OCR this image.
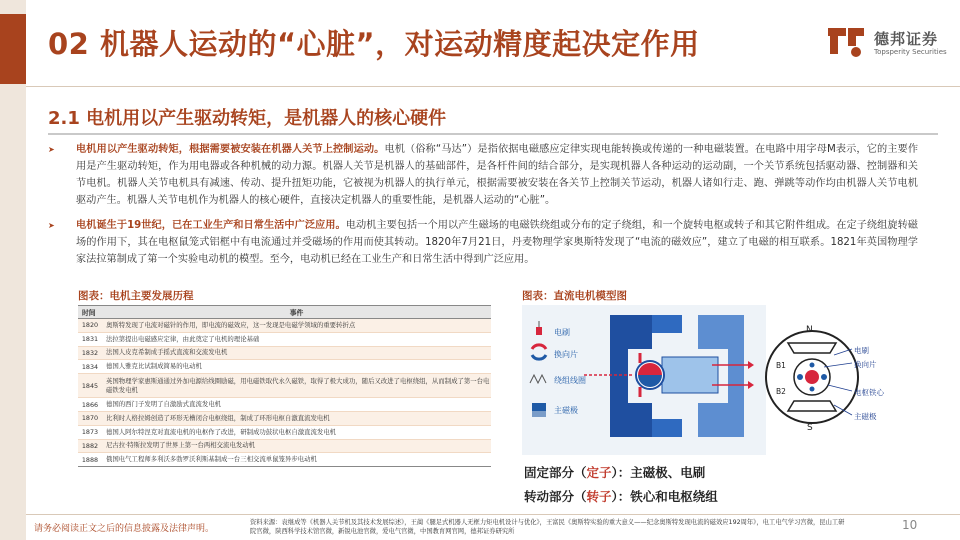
02 机器人运动的“心脏”，对运动精度起决定作用	德邦证券
Topsperity Securities
2.1 电机用以产生驱动转矩，是机器人的核心硬件
➤ 电机用以产生驱动转矩，根据需要被安装在机器人关节上控制运动。电机（俗称“马达”）是指依据电磁感应定律实现电能转换或传递的一种电磁装置。在电路中用字母M表示，它的主要作用是产生驱动转矩，作为用电器或各种机械的动力源。机器人关节是机器人的基础部件，是各杆件间的结合部分，是实现机器人各种运动的运动副，一个关节系统包括驱动器、控制器和关节电机。机器人关节电机具有减速、传动、提升扭矩功能，它被视为机器人的执行单元，根据需要被安装在各关节上控制关节运动，机器人诸如行走、跑、弹跳等动作均由机器人关节电机驱动产生。机器人关节电机作为机器人的核心硬件，直接决定机器人的重要性能，是机器人运动的“心脏”。
➤ 电机诞生于19世纪，已在工业生产和日常生活中广泛应用。电动机主要包括一个用以产生磁场的电磁铁绕组或分布的定子绕组，和一个旋转电枢或转子和其它附件组成。在定子绕组旋转磁场的作用下，其在电枢鼠笼式铝框中有电流通过并受磁场的作用而使其转动。1820年7月21日，丹麦物理学家奥斯特发现了“电流的磁效应”，建立了电磁的相互联系。1821年英国物理学家法拉第制成了第一个实验电动机的模型。至今，电动机已经在工业生产和日常生活中得到广泛应用。
图表：电机主要发展历程	图表：直流电机模型图
时间	事件
1820	奥斯特发现了电流对磁针的作用，即电流的磁效应，这一发现是电磁学领域的重要转折点
1831	法拉第提出电磁感应定律，由此奠定了电机的理论基础
1832	法国人皮克希制成手摇式直流和交流发电机
1834	德国人雅克比试制成简易的电动机
1845	英国物理学家惠斯通通过外加电源给线圈励磁，用电磁铁取代永久磁铁，取得了极大成功，随后又改进了电枢绕组，从而制成了第一台电磁铁发电机
1866	德国的西门子发明了自激励式直流发电机
1870	比利时人格拉姆创造了环形无槽闭合电枢绕组，制成了环形电枢自激直流发电机
1873	德国人阿尔特涅克对直流电机的电枢作了改进，研制成功鼓状电枢自激直流发电机
1882	尼古拉·特斯拉发明了世界上第一台两相交流电发动机
1888	俄国电气工程师多利沃多勃罗沃利斯基制成一台三相交流单鼠笼异步电动机
电刷
换向片
绕组线圈
主磁极
N
S
B1
B2
电刷
换向片
电枢铁心
主磁极
固定部分（定子）：主磁极、电刷
转动部分（转子）：铁心和电枢绕组
请务必阅读正文之后的信息披露及法律声明。
资料来源：袁继成等《机器人关节机及其技术发展综述》，王蔺《腿足式机器人无框力矩电机设计与优化》，王富民《奥斯特实验的重大意义——纪念奥斯特发现电流的磁效应192周年》，电工电气学习宫微，昆山工研院官微，陕西科学技术馆官微，新锐电池官微，爱电气官微，中国教育网官网，德邦证券研究所	10
